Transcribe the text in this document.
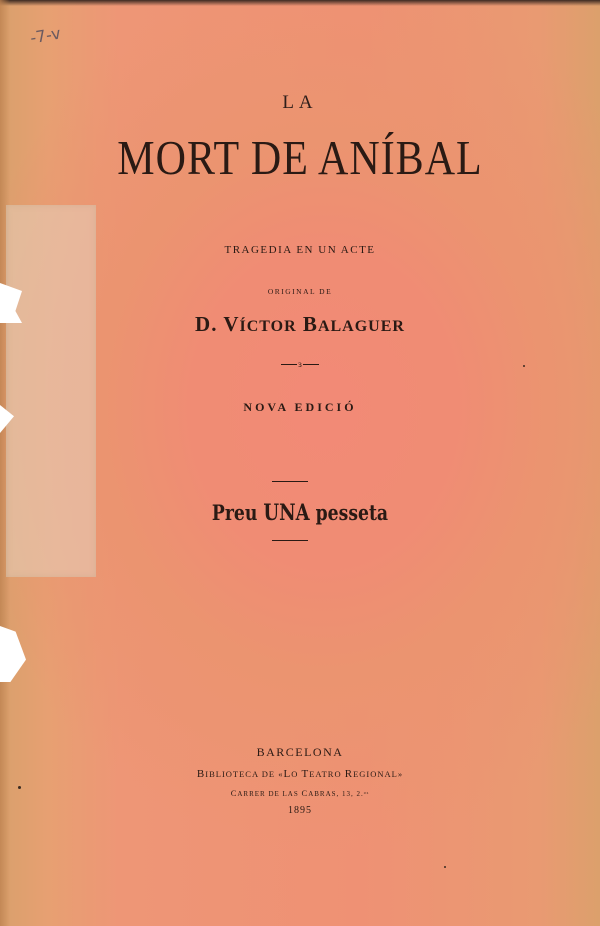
-7-v
LA
MORT DE ANÍBAL
TRAGEDIA EN UN ACTE
ORIGINAL DE
D. VÍCTOR BALAGUER
ɜ
NOVA EDICIÓ
Preu UNA pesseta
BARCELONA
BIBLIOTECA DE «LO TEATRO REGIONAL»
CARRER DE LAS CABRAS, 13, 2.ᵒˢ
1895
